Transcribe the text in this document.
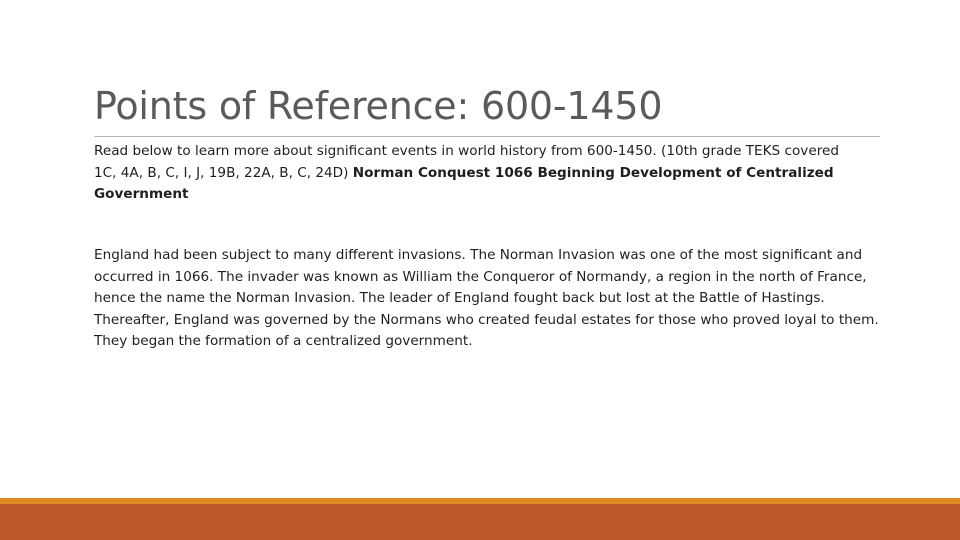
Points of Reference: 600-1450

Read below to learn more about significant events in world history from 600-1450. (10th grade TEKS covered 1C, 4A, B, C, I, J, 19B, 22A, B, C, 24D) Norman Conquest 1066 Beginning Development of Centralized Government

England had been subject to many different invasions. The Norman Invasion was one of the most significant and occurred in 1066. The invader was known as William the Conqueror of Normandy, a region in the north of France, hence the name the Norman Invasion. The leader of England fought back but lost at the Battle of Hastings. Thereafter, England was governed by the Normans who created feudal estates for those who proved loyal to them. They began the formation of a centralized government.
